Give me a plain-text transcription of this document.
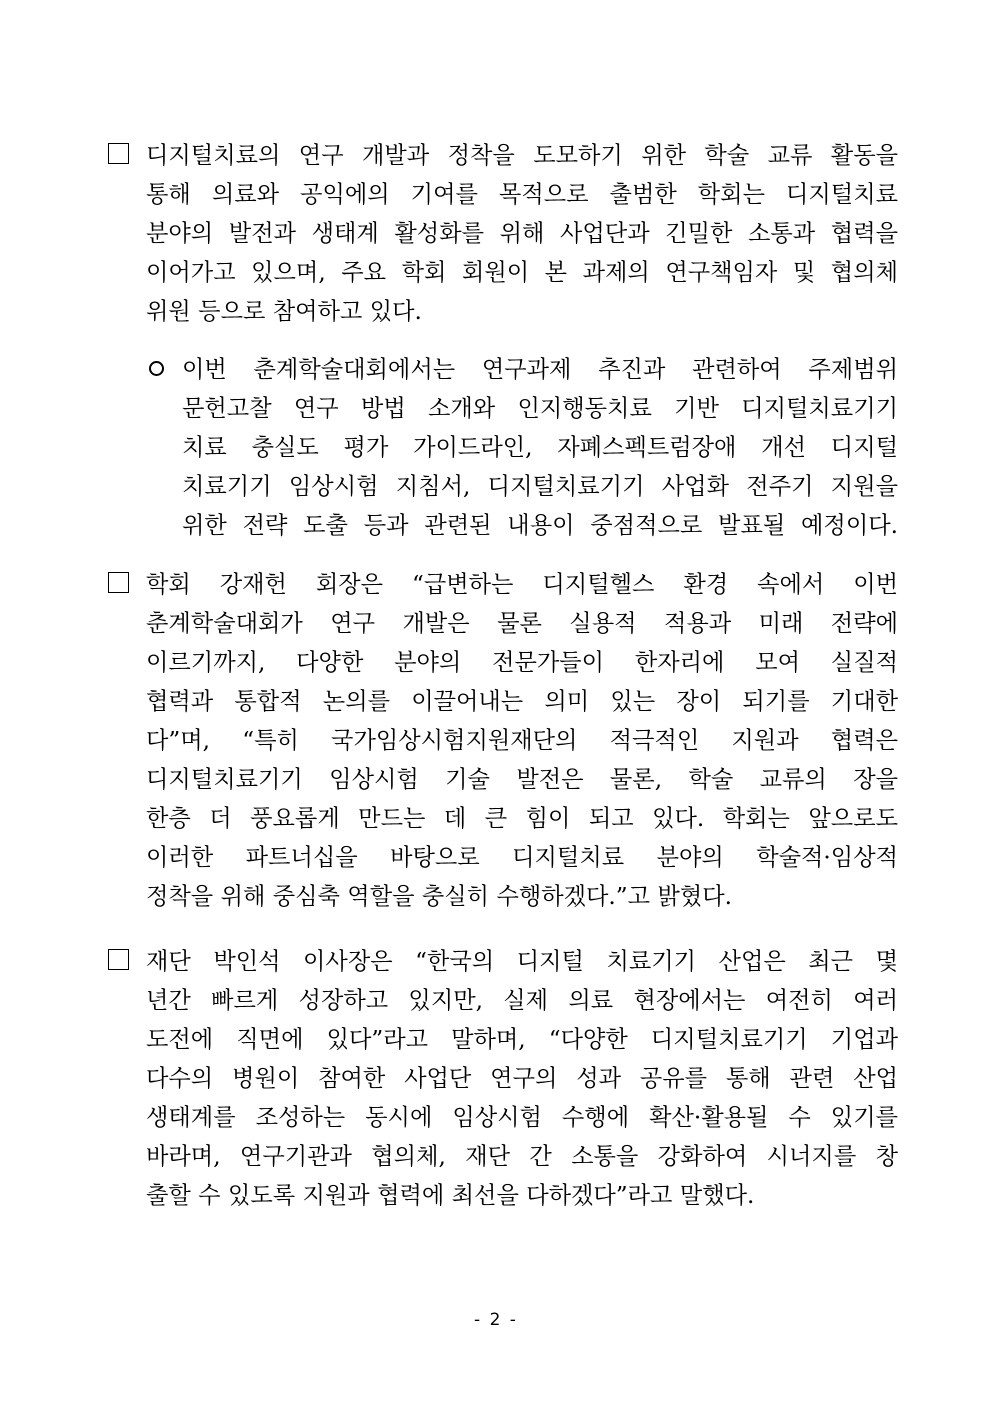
디지털치료의 연구 개발과 정착을 도모하기 위한 학술 교류 활동을
통해 의료와 공익에의 기여를 목적으로 출범한 학회는 디지털치료
분야의 발전과 생태계 활성화를 위해 사업단과 긴밀한 소통과 협력을
이어가고 있으며, 주요 학회 회원이 본 과제의 연구책임자 및 협의체
위원 등으로 참여하고 있다.
이번 춘계학술대회에서는 연구과제 추진과 관련하여 주제범위
문헌고찰 연구 방법 소개와 인지행동치료 기반 디지털치료기기
치료 충실도 평가 가이드라인, 자폐스펙트럼장애 개선 디지털
치료기기 임상시험 지침서, 디지털치료기기 사업화 전주기 지원을
위한 전략 도출 등과 관련된 내용이 중점적으로 발표될 예정이다.
학회 강재헌 회장은 “급변하는 디지털헬스 환경 속에서 이번
춘계학술대회가 연구 개발은 물론 실용적 적용과 미래 전략에
이르기까지, 다양한 분야의 전문가들이 한자리에 모여 실질적
협력과 통합적 논의를 이끌어내는 의미 있는 장이 되기를 기대한
다”며, “특히 국가임상시험지원재단의 적극적인 지원과 협력은
디지털치료기기 임상시험 기술 발전은 물론, 학술 교류의 장을
한층 더 풍요롭게 만드는 데 큰 힘이 되고 있다. 학회는 앞으로도
이러한 파트너십을 바탕으로 디지털치료 분야의 학술적·임상적
정착을 위해 중심축 역할을 충실히 수행하겠다.”고 밝혔다.
재단 박인석 이사장은 “한국의 디지털 치료기기 산업은 최근 몇
년간 빠르게 성장하고 있지만, 실제 의료 현장에서는 여전히 여러
도전에 직면에 있다”라고 말하며, “다양한 디지털치료기기 기업과
다수의 병원이 참여한 사업단 연구의 성과 공유를 통해 관련 산업
생태계를 조성하는 동시에 임상시험 수행에 확산·활용될 수 있기를
바라며, 연구기관과 협의체, 재단 간 소통을 강화하여 시너지를 창
출할 수 있도록 지원과 협력에 최선을 다하겠다”라고 말했다.
- 2 -
